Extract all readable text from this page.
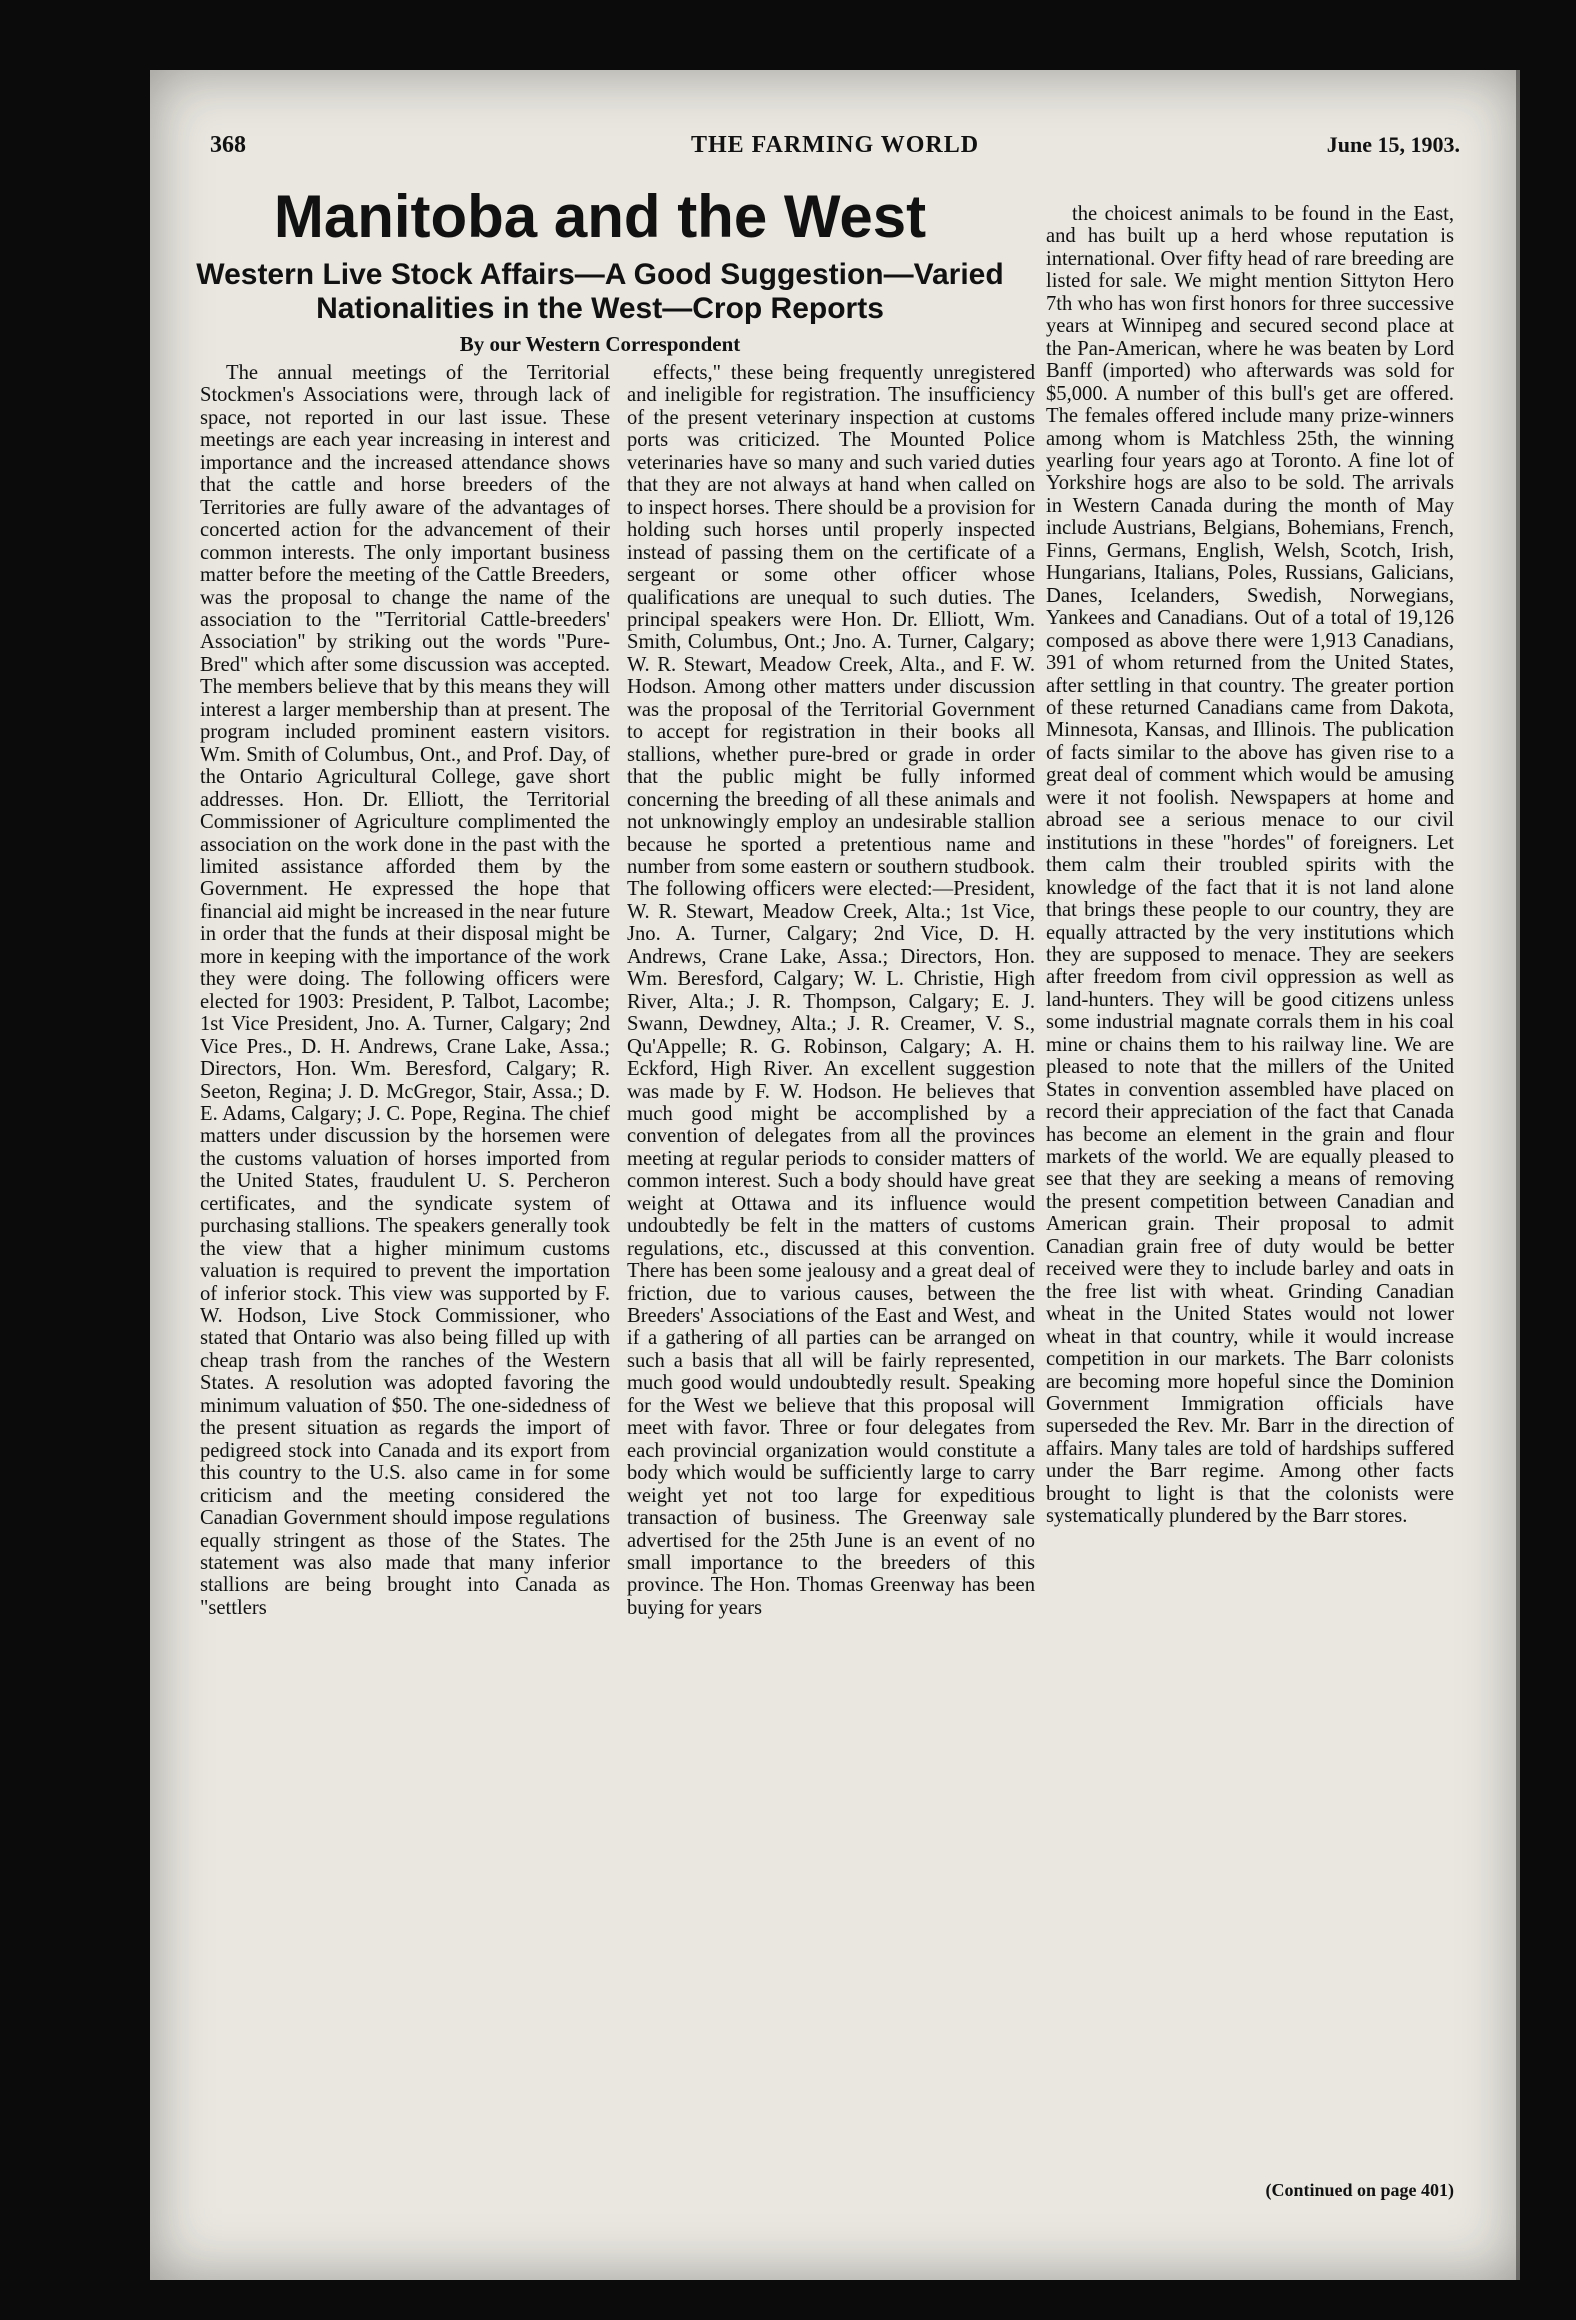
368	THE FARMING WORLD	June 15, 1903.
Manitoba and the West
Western Live Stock Affairs—A Good Suggestion—Varied Nationalities in the West—Crop Reports
By our Western Correspondent

The annual meetings of the Territorial Stockmen's Associations were, through lack of space, not reported in our last issue. These meetings are each year increasing in interest and importance and the increased attendance shows that the cattle and horse breeders of the Territories are fully aware of the advantages of concerted action for the advancement of their common interests. The only important business matter before the meeting of the Cattle Breeders, was the proposal to change the name of the association to the "Territorial Cattle-breeders' Association" by striking out the words "Pure-Bred" which after some discussion was accepted. The members believe that by this means they will interest a larger membership than at present. The program included prominent eastern visitors. Wm. Smith of Columbus, Ont., and Prof. Day, of the Ontario Agricultural College, gave short addresses. Hon. Dr. Elliott, the Territorial Commissioner of Agriculture complimented the association on the work done in the past with the limited assistance afforded them by the Government. He expressed the hope that financial aid might be increased in the near future in order that the funds at their disposal might be more in keeping with the importance of the work they were doing. The following officers were elected for 1903: President, P. Talbot, Lacombe; 1st Vice President, Jno. A. Turner, Calgary; 2nd Vice Pres., D. H. Andrews, Crane Lake, Assa.; Directors, Hon. Wm. Beresford, Calgary; R. Seeton, Regina; J. D. McGregor, Stair, Assa.; D. E. Adams, Calgary; J. C. Pope, Regina. The chief matters under discussion by the horsemen were the customs valuation of horses imported from the United States, fraudulent U. S. Percheron certificates, and the syndicate system of purchasing stallions. The speakers generally took the view that a higher minimum customs valuation is required to prevent the importation of inferior stock. This view was supported by F. W. Hodson, Live Stock Commissioner, who stated that Ontario was also being filled up with cheap trash from the ranches of the Western States. A resolution was adopted favoring the minimum valuation of $50. The one-sidedness of the present situation as regards the import of pedigreed stock into Canada and its export from this country to the U.S. also came in for some criticism and the meeting considered the Canadian Government should impose regulations equally stringent as those of the States. The statement was also made that many inferior stallions are being brought into Canada as "settlers

effects," these being frequently unregistered and ineligible for registration. The insufficiency of the present veterinary inspection at customs ports was criticized. The Mounted Police veterinaries have so many and such varied duties that they are not always at hand when called on to inspect horses. There should be a provision for holding such horses until properly inspected instead of passing them on the certificate of a sergeant or some other officer whose qualifications are unequal to such duties. The principal speakers were Hon. Dr. Elliott, Wm. Smith, Columbus, Ont.; Jno. A. Turner, Calgary; W. R. Stewart, Meadow Creek, Alta., and F. W. Hodson. Among other matters under discussion was the proposal of the Territorial Government to accept for registration in their books all stallions, whether pure-bred or grade in order that the public might be fully informed concerning the breeding of all these animals and not unknowingly employ an undesirable stallion because he sported a pretentious name and number from some eastern or southern studbook. The following officers were elected:—President, W. R. Stewart, Meadow Creek, Alta.; 1st Vice, Jno. A. Turner, Calgary; 2nd Vice, D. H. Andrews, Crane Lake, Assa.; Directors, Hon. Wm. Beresford, Calgary; W. L. Christie, High River, Alta.; J. R. Thompson, Calgary; E. J. Swann, Dewdney, Alta.; J. R. Creamer, V. S., Qu'Appelle; R. G. Robinson, Calgary; A. H. Eckford, High River. An excellent suggestion was made by F. W. Hodson. He believes that much good might be accomplished by a convention of delegates from all the provinces meeting at regular periods to consider matters of common interest. Such a body should have great weight at Ottawa and its influence would undoubtedly be felt in the matters of customs regulations, etc., discussed at this convention. There has been some jealousy and a great deal of friction, due to various causes, between the Breeders' Associations of the East and West, and if a gathering of all parties can be arranged on such a basis that all will be fairly represented, much good would undoubtedly result. Speaking for the West we believe that this proposal will meet with favor. Three or four delegates from each provincial organization would constitute a body which would be sufficiently large to carry weight yet not too large for expeditious transaction of business. The Greenway sale advertised for the 25th June is an event of no small importance to the breeders of this province. The Hon. Thomas Greenway has been buying for years

the choicest animals to be found in the East, and has built up a herd whose reputation is international. Over fifty head of rare breeding are listed for sale. We might mention Sittyton Hero 7th who has won first honors for three successive years at Winnipeg and secured second place at the Pan-American, where he was beaten by Lord Banff (imported) who afterwards was sold for $5,000. A number of this bull's get are offered. The females offered include many prize-winners among whom is Matchless 25th, the winning yearling four years ago at Toronto. A fine lot of Yorkshire hogs are also to be sold. The arrivals in Western Canada during the month of May include Austrians, Belgians, Bohemians, French, Finns, Germans, English, Welsh, Scotch, Irish, Hungarians, Italians, Poles, Russians, Galicians, Danes, Icelanders, Swedish, Norwegians, Yankees and Canadians. Out of a total of 19,126 composed as above there were 1,913 Canadians, 391 of whom returned from the United States, after settling in that country. The greater portion of these returned Canadians came from Dakota, Minnesota, Kansas, and Illinois. The publication of facts similar to the above has given rise to a great deal of comment which would be amusing were it not foolish. Newspapers at home and abroad see a serious menace to our civil institutions in these "hordes" of foreigners. Let them calm their troubled spirits with the knowledge of the fact that it is not land alone that brings these people to our country, they are equally attracted by the very institutions which they are supposed to menace. They are seekers after freedom from civil oppression as well as land-hunters. They will be good citizens unless some industrial magnate corrals them in his coal mine or chains them to his railway line. We are pleased to note that the millers of the United States in convention assembled have placed on record their appreciation of the fact that Canada has become an element in the grain and flour markets of the world. We are equally pleased to see that they are seeking a means of removing the present competition between Canadian and American grain. Their proposal to admit Canadian grain free of duty would be better received were they to include barley and oats in the free list with wheat. Grinding Canadian wheat in the United States would not lower wheat in that country, while it would increase competition in our markets. The Barr colonists are becoming more hopeful since the Dominion Government Immigration officials have superseded the Rev. Mr. Barr in the direction of affairs. Many tales are told of hardships suffered under the Barr regime. Among other facts brought to light is that the colonists were systematically plundered by the Barr stores.

(Continued on page 401)
